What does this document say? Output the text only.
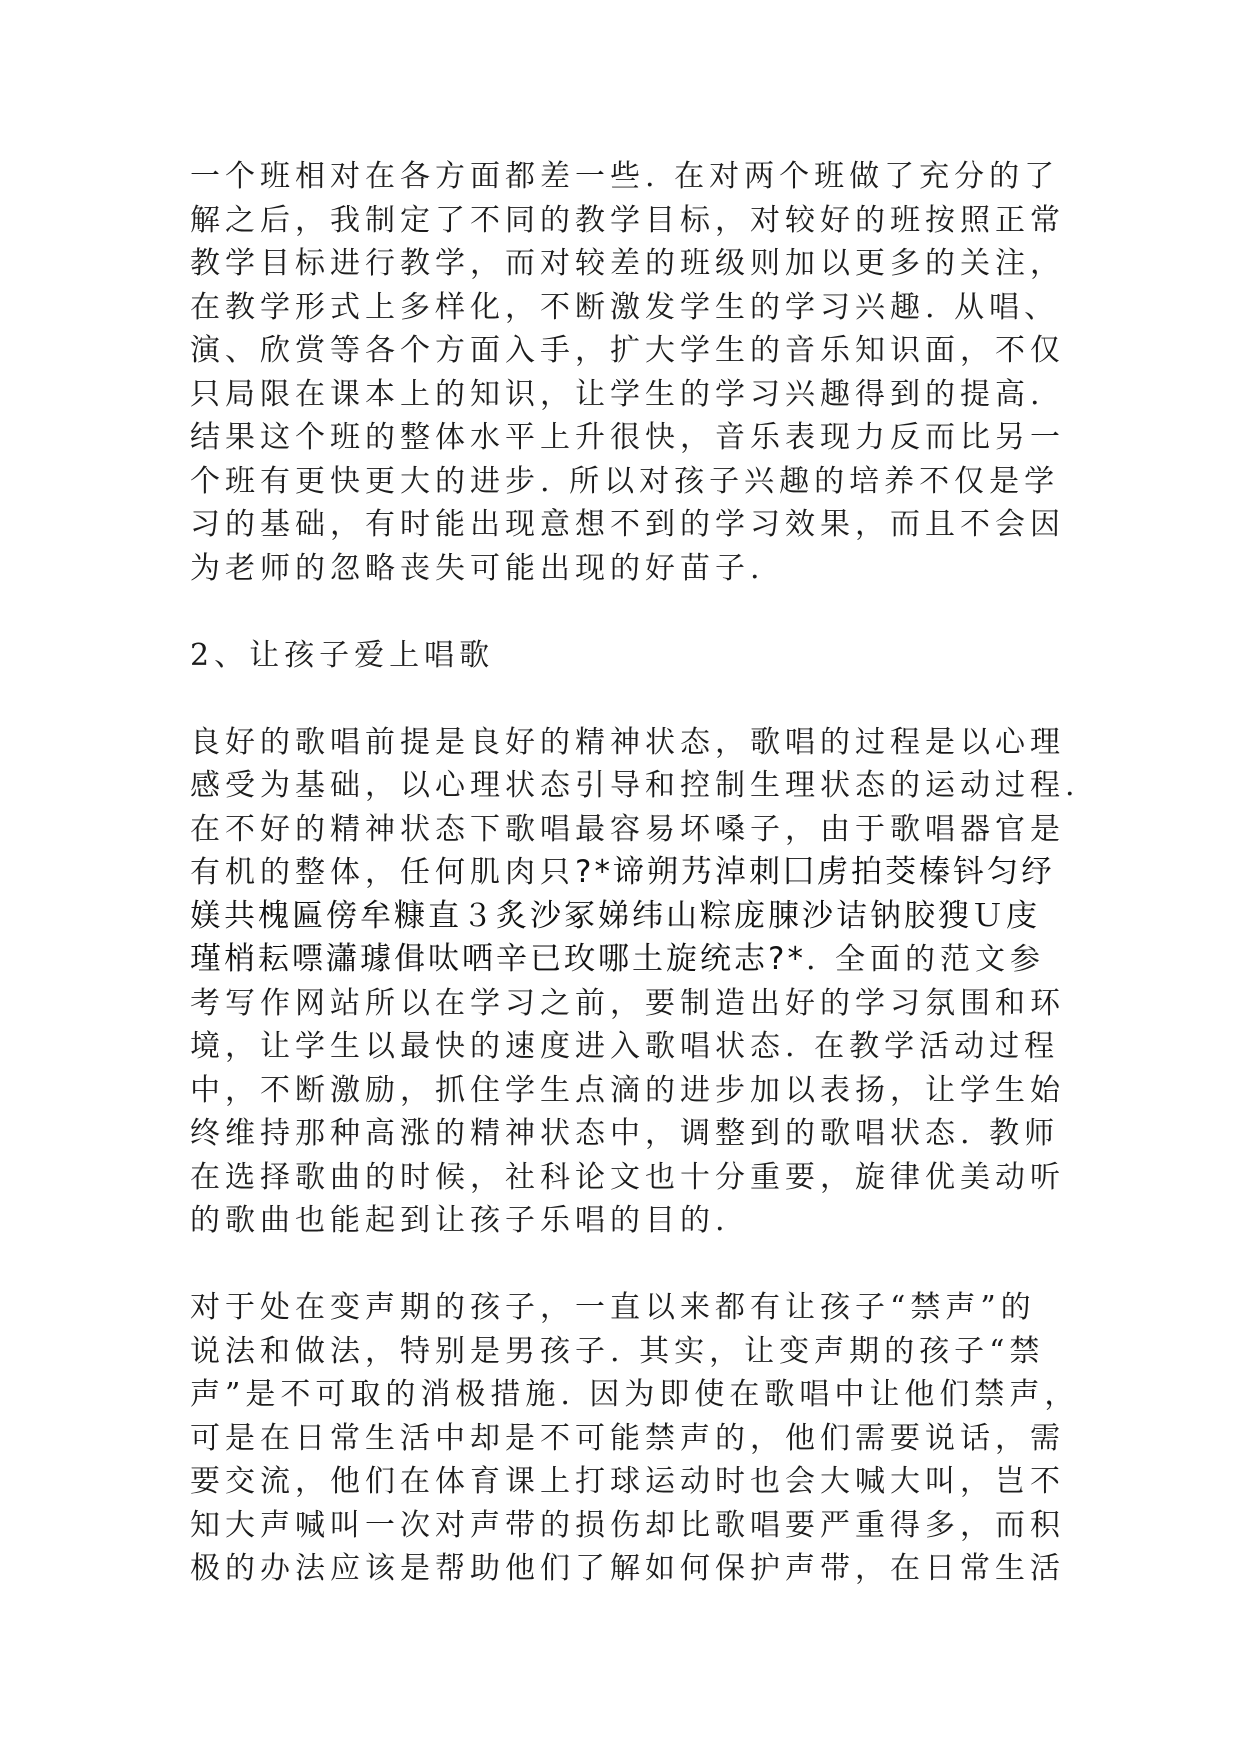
一个班相对在各方面都差一些. 在对两个班做了充分的了
解之后，我制定了不同的教学目标，对较好的班按照正常
教学目标进行教学，而对较差的班级则加以更多的关注，
在教学形式上多样化，不断激发学生的学习兴趣. 从唱、
演、欣赏等各个方面入手，扩大学生的音乐知识面，不仅
只局限在课本上的知识，让学生的学习兴趣得到的提高.
结果这个班的整体水平上升很快，音乐表现力反而比另一
个班有更快更大的进步. 所以对孩子兴趣的培养不仅是学
习的基础，有时能出现意想不到的学习效果，而且不会因
为老师的忽略丧失可能出现的好苗子.
2、让孩子爱上唱歌
良好的歌唱前提是良好的精神状态，歌唱的过程是以心理
感受为基础，以心理状态引导和控制生理状态的运动过程.
在不好的精神状态下歌唱最容易坏嗓子，由于歌唱器官是
有机的整体，任何肌肉只?*谛朔艿淖刺囗虏拍茭榛钭匀纾
媄共槐匾傍牟糠直３炙沙冢娣纬山粽庞腖沙诘钠胶獀Ｕ庋
瑾梢耘嘌瀟璩偮呔哂辛已玫哪土旋统志?*. 全面的范文参
考写作网站所以在学习之前，要制造出好的学习氛围和环
境，让学生以最快的速度进入歌唱状态. 在教学活动过程
中，不断激励，抓住学生点滴的进步加以表扬，让学生始
终维持那种高涨的精神状态中，调整到的歌唱状态. 教师
在选择歌曲的时候，社科论文也十分重要，旋律优美动听
的歌曲也能起到让孩子乐唱的目的.
对于处在变声期的孩子，一直以来都有让孩子“禁声”的
说法和做法，特别是男孩子. 其实，让变声期的孩子“禁
声”是不可取的消极措施. 因为即使在歌唱中让他们禁声，
可是在日常生活中却是不可能禁声的，他们需要说话，需
要交流，他们在体育课上打球运动时也会大喊大叫，岂不
知大声喊叫一次对声带的损伤却比歌唱要严重得多，而积
极的办法应该是帮助他们了解如何保护声带，在日常生活
